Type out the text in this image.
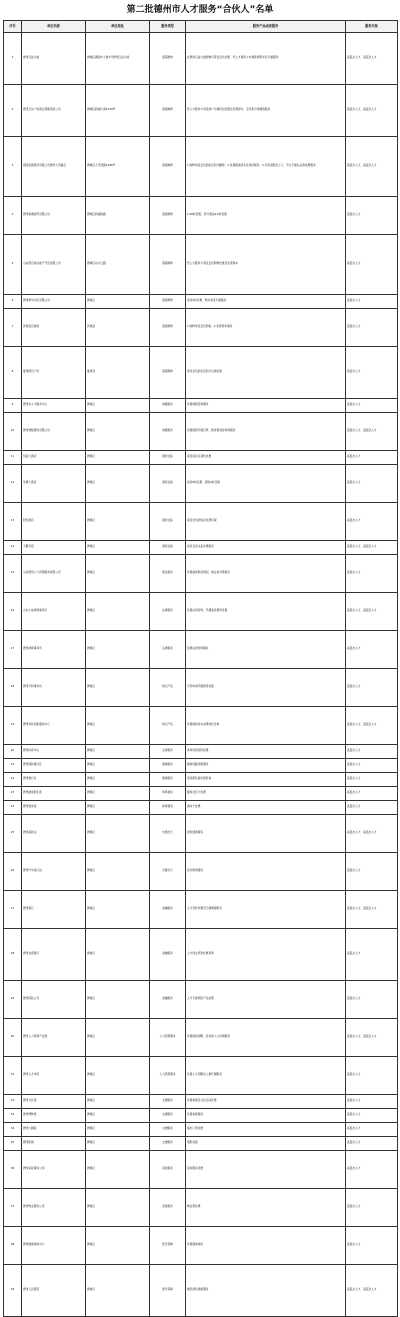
第二批德州市人才服务“合伙人”名单
序号	单位名称	单位地址	服务类型	服务产品或者服务	服务对象
1	德州百货大楼	德城区湖滨中大道1号德州百货大楼	商超购物	在德州百货大楼购物可享受会员优惠，凭人才服务卡办理免费停车及专属服务	高层次人才、高层次人才
2	德州万达广场商业管理有限公司	德城区新湖大道1239号	商超购物	凭人才服务卡享受商户专属折扣优惠及免费停车、会员积分等增值服务	高层次人才、高层次人才
3	银座集团股份有限公司德州大学路店	德城区大学西路1166号	商超购物	1.购物享受会员价格及积分翻倍；2.免费提供停车及寄存服务；3.可享受配送上门、节日专属礼品等优惠服务	高层次人才、高层次人才
4	德州新湖商贸有限公司	德城区新湖南路	商超购物	1.58折优惠，部分商品9.5折优惠	高层次人才
5	山东德百商业地产开发有限公司	德城区东方红路	商超购物	凭人才服务卡享受会员购物优惠及免费停车	高层次人才
6	德州新华书店有限公司	德城区	商超购物	享受9折优惠，购书享受专属服务	高层次人才
7	武城金百商场	武城县	商超购物	1.购物享受会员价格；2.免费停车服务	高层次人才
8	夏津德百广场	夏津县	商超购物	享受会员折扣及积分兑换优惠	高层次人才
9	德州市人才服务中心	德城区	财税服务	免费财税咨询服务	高层次人才
10	德州财税服务有限公司	德城区	财税服务	免费提供代理记账、税务筹划咨询等服务	高层次人才、高层次人才
11	恒信大酒店	德城区	餐饮住宿	享受客房及餐饮优惠	高层次人才
12	华晟大酒店	德城区	餐饮住宿	客房8折优惠，餐饮9折优惠	高层次人才
13	阳光酒店	德城区	餐饮住宿	享受会员价格及免费早餐	高层次人才
14	天衢宾馆	德城区	餐饮住宿	客房及会议室优惠服务	高层次人才、高层次人才
15	山东德州人力资源服务有限公司	德城区	职业服务	免费提供职业规划、就业指导等服务	高层次人才
16	山东大成律师事务所	德城区	法律服务	免费法律咨询，代理案件费用优惠	高层次人才、高层次人才
17	德州律师事务所	德城区	法律服务	免费法律咨询服务	高层次人才
18	德州专利事务所	德城区	知识产权	专利申请代理费用优惠	高层次人才
19	德州科技创新服务中心	德城区	知识产权	免费提供技术成果转化咨询	高层次人才、高层次人才
20	德州体育中心	德城区	文体服务	体育场馆使用优惠	高层次人才
21	德州国际旅行社	德城区	旅游服务	旅游线路优惠服务	高层次人才
22	德州旅行社	德城区	旅游服务	享受团队游优惠价格	高层次人才
23	德州健身俱乐部	德城区	体育健身	健身会员卡优惠	高层次人才
24	德州游泳馆	德城区	体育健身	游泳卡优惠	高层次人才
25	德州高铁站	德城区	交通出行	绿色通道服务	高层次人才、高层次人才
26	德州汽车客运站	德城区	交通出行	优先购票服务	高层次人才
27	德州银行	德城区	金融服务	人才贷款优惠及专属理财服务	高层次人才、高层次人才
28	德州农商银行	德城区	金融服务	人才创业贷款优惠利率	高层次人才
29	德州保险公司	德城区	金融服务	人才专属保险产品优惠	高层次人才
30	德州人力资源产业园	德城区	人力资源服务	免费提供招聘、培训等人力资源服务	高层次人才、高层次人才
31	德州人才市场	德城区	人力资源服务	免费人才招聘及人事代理服务	高层次人才
32	德州文化馆	德城区	文旅服务	免费参观及文化活动优惠	高层次人才
33	德州博物馆	德城区	文旅服务	免费参观服务	高层次人才
34	德州大剧院	德城区	文旅服务	演出门票优惠	高层次人才
35	德州影城	德城区	文旅服务	观影优惠	高层次人才
36	德州家政服务公司	德城区	家政服务	家政服务优惠	高层次人才
37	德州物业服务公司	德城区	家政服务	物业费优惠	高层次人才
38	德州健康体检中心	德城区	医疗保障	免费健康体检	高层次人才
39	德州人民医院	德城区	医疗保障	就医绿色通道服务	高层次人才、高层次人才
